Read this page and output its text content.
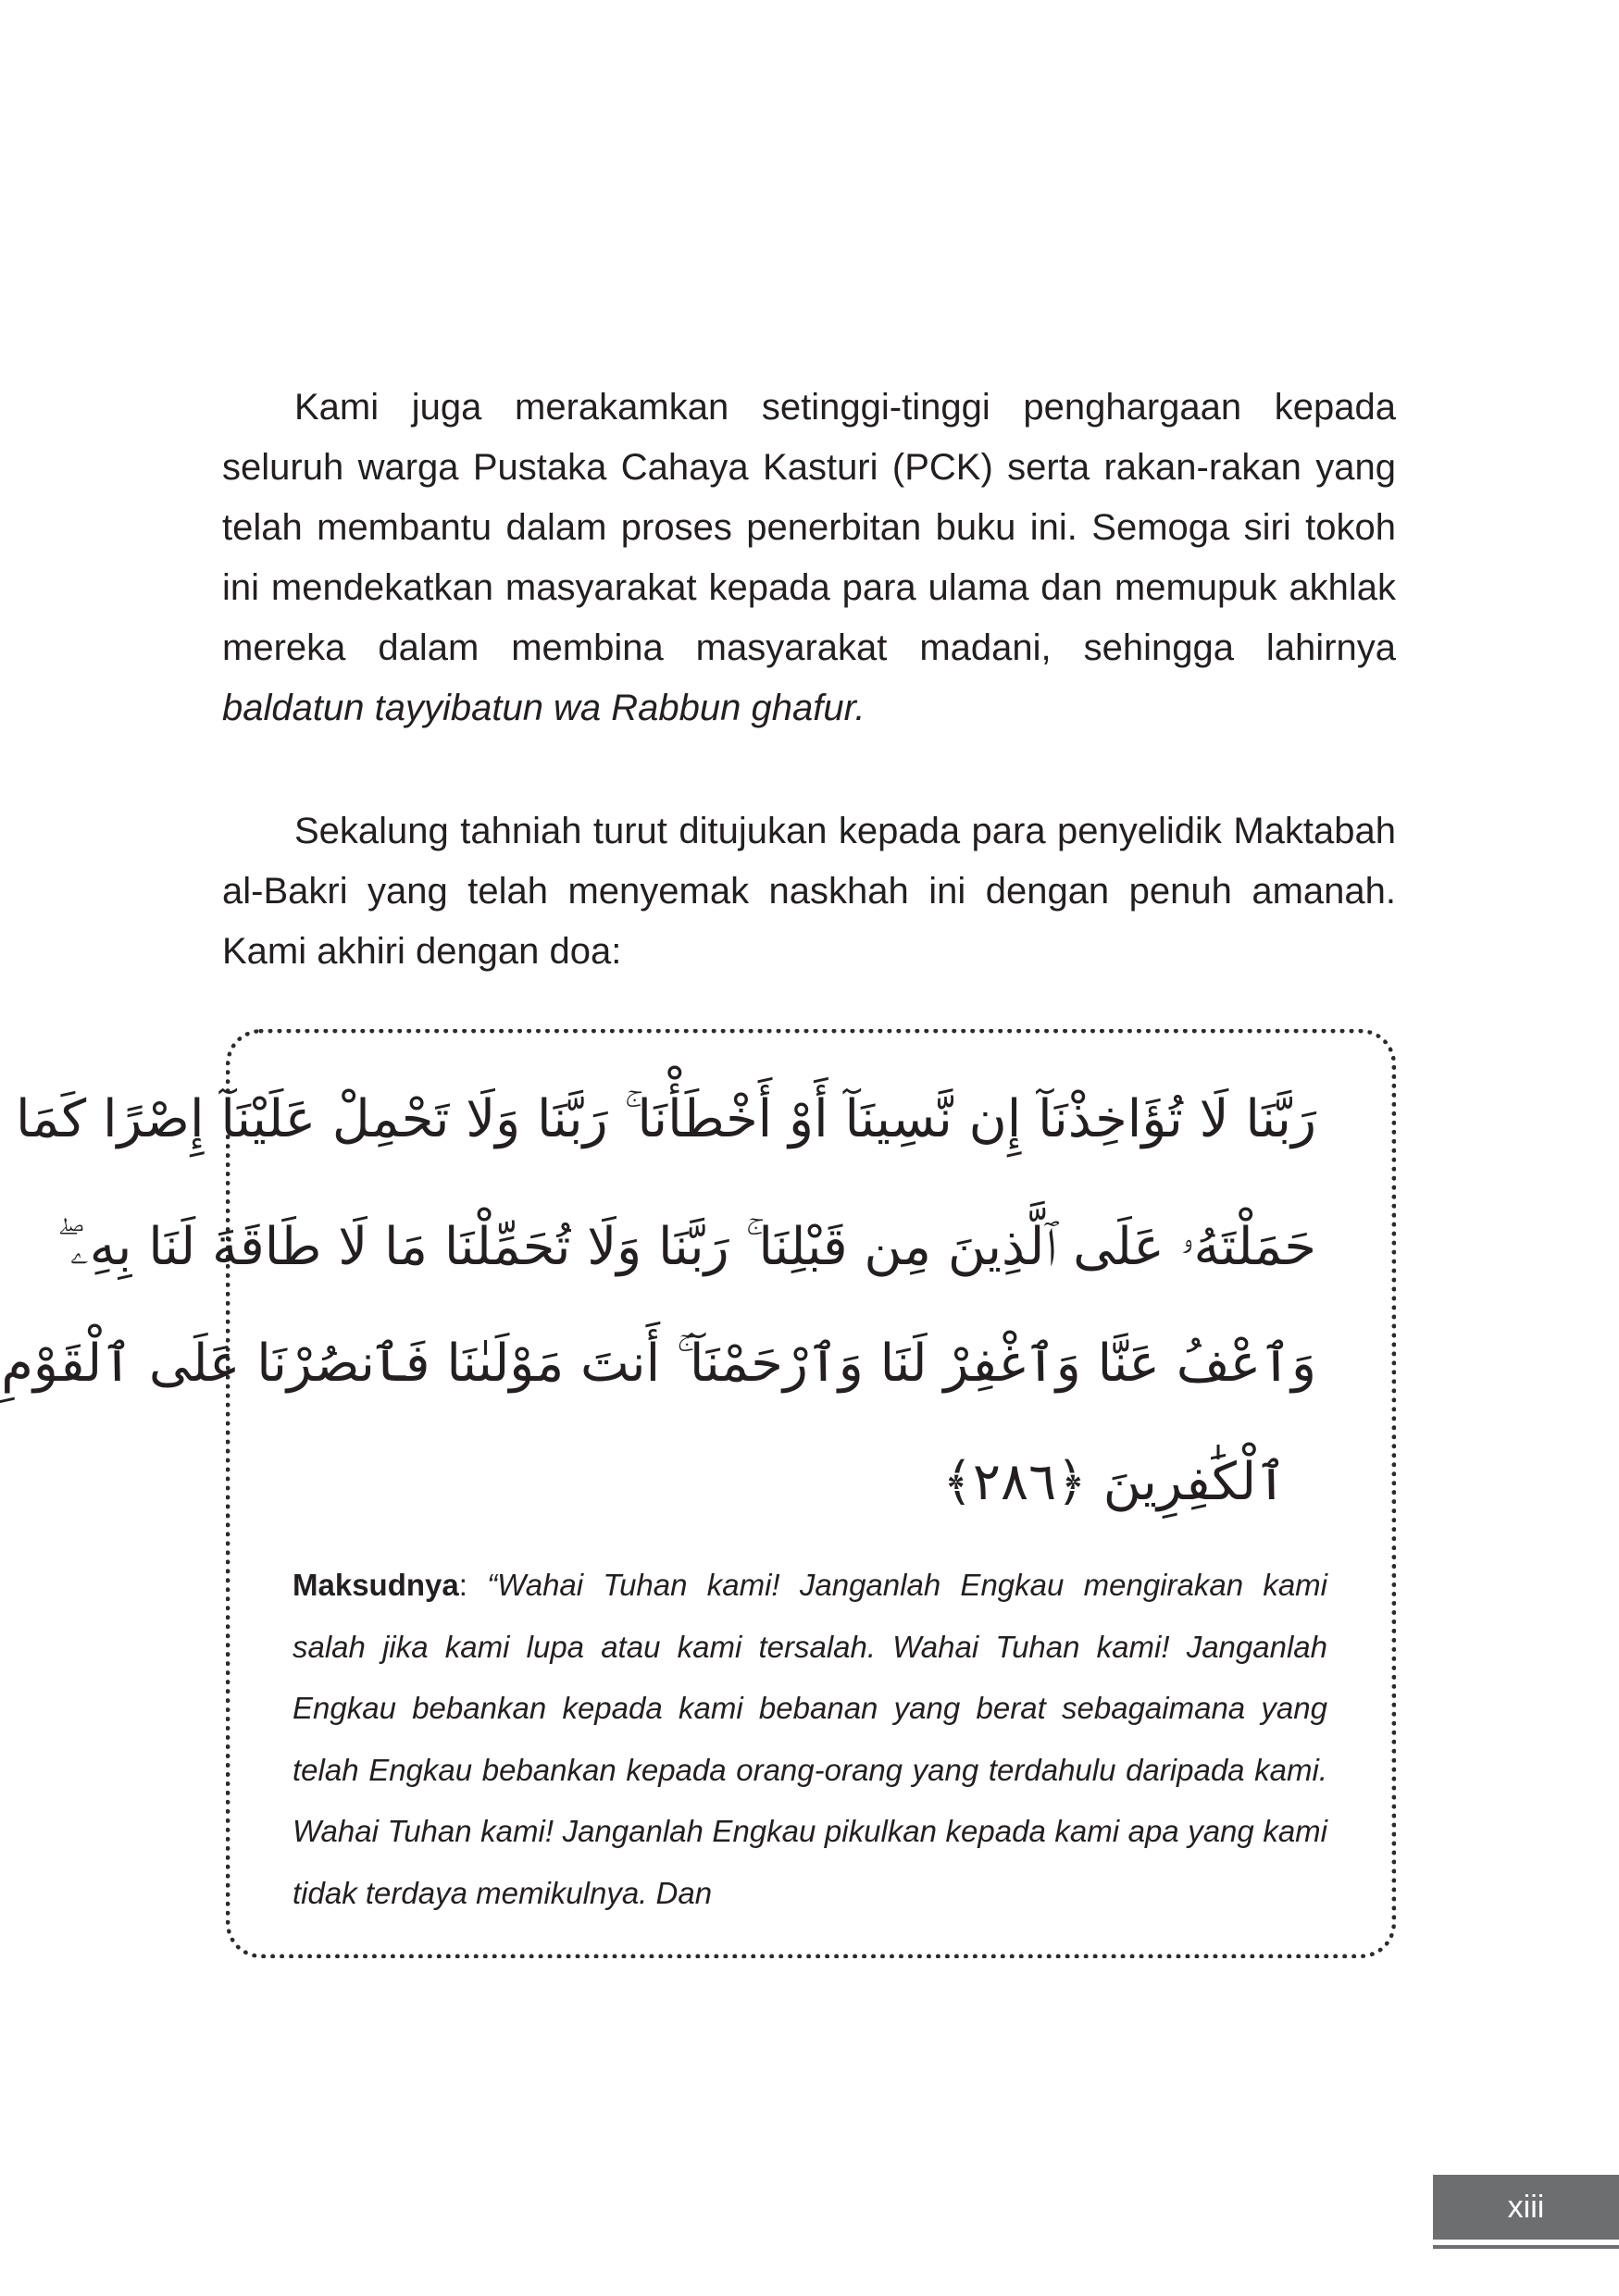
Kami juga merakamkan setinggi-tinggi penghargaan kepada seluruh warga Pustaka Cahaya Kasturi (PCK) serta rakan-rakan yang telah membantu dalam proses penerbitan buku ini. Semoga siri tokoh ini mendekatkan masyarakat kepada para ulama dan memupuk akhlak mereka dalam membina masyarakat madani, sehingga lahirnya baldatun tayyibatun wa Rabbun ghafur.

Sekalung tahniah turut ditujukan kepada para penyelidik Maktabah al-Bakri yang telah menyemak naskhah ini dengan penuh amanah. Kami akhiri dengan doa:

رَبَّنَا لَا تُؤَاخِذْنَآ إِن نَّسِينَآ أَوْ أَخْطَأْنَا ۚ رَبَّنَا وَلَا تَحْمِلْ عَلَيْنَآ إِصْرًا كَمَا
حَمَلْتَهُۥ عَلَى ٱلَّذِينَ مِن قَبْلِنَا ۚ رَبَّنَا وَلَا تُحَمِّلْنَا مَا لَا طَاقَةَ لَنَا بِهِۦ ۖ
وَٱعْفُ عَنَّا وَٱغْفِرْ لَنَا وَٱرْحَمْنَآ ۚ أَنتَ مَوْلَىٰنَا فَٱنصُرْنَا عَلَى ٱلْقَوْمِ
ٱلْكَٰفِرِينَ ﴿٢٨٦﴾

Maksudnya: “Wahai Tuhan kami! Janganlah Engkau mengirakan kami salah jika kami lupa atau kami tersalah. Wahai Tuhan kami! Janganlah Engkau bebankan kepada kami bebanan yang berat sebagaimana yang telah Engkau bebankan kepada orang-orang yang terdahulu daripada kami. Wahai Tuhan kami! Janganlah Engkau pikulkan kepada kami apa yang kami tidak terdaya memikulnya. Dan

xiii
